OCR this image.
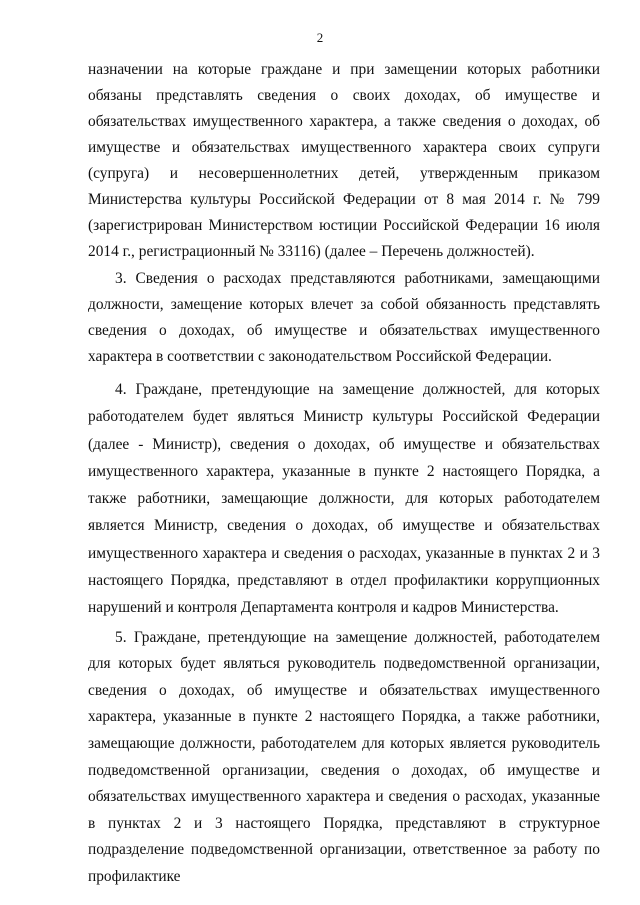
2

назначении на которые граждане и при замещении которых работники обязаны представлять сведения о своих доходах, об имуществе и обязательствах имущественного характера, а также сведения о доходах, об имуществе и обязательствах имущественного характера своих супруги (супруга) и несовершеннолетних детей, утвержденным приказом Министерства культуры Российской Федерации от 8 мая 2014 г. № 799 (зарегистрирован Министерством юстиции Российской Федерации 16 июля 2014 г., регистрационный № 33116) (далее – Перечень должностей).

3. Сведения о расходах представляются работниками, замещающими должности, замещение которых влечет за собой обязанность представлять сведения о доходах, об имуществе и обязательствах имущественного характера в соответствии с законодательством Российской Федерации.

4. Граждане, претендующие на замещение должностей, для которых работодателем будет являться Министр культуры Российской Федерации (далее - Министр), сведения о доходах, об имуществе и обязательствах имущественного характера, указанные в пункте 2 настоящего Порядка, а также работники, замещающие должности, для которых работодателем является Министр, сведения о доходах, об имуществе и обязательствах имущественного характера и сведения о расходах, указанные в пунктах 2 и 3 настоящего Порядка, представляют в отдел профилактики коррупционных нарушений и контроля Департамента контроля и кадров Министерства.

5. Граждане, претендующие на замещение должностей, работодателем для которых будет являться руководитель подведомственной организации, сведения о доходах, об имуществе и обязательствах имущественного характера, указанные в пункте 2 настоящего Порядка, а также работники, замещающие должности, работодателем для которых является руководитель подведомственной организации, сведения о доходах, об имуществе и обязательствах имущественного характера и сведения о расходах, указанные в пунктах 2 и 3 настоящего Порядка, представляют в структурное подразделение подведомственной организации, ответственное за работу по профилактике
